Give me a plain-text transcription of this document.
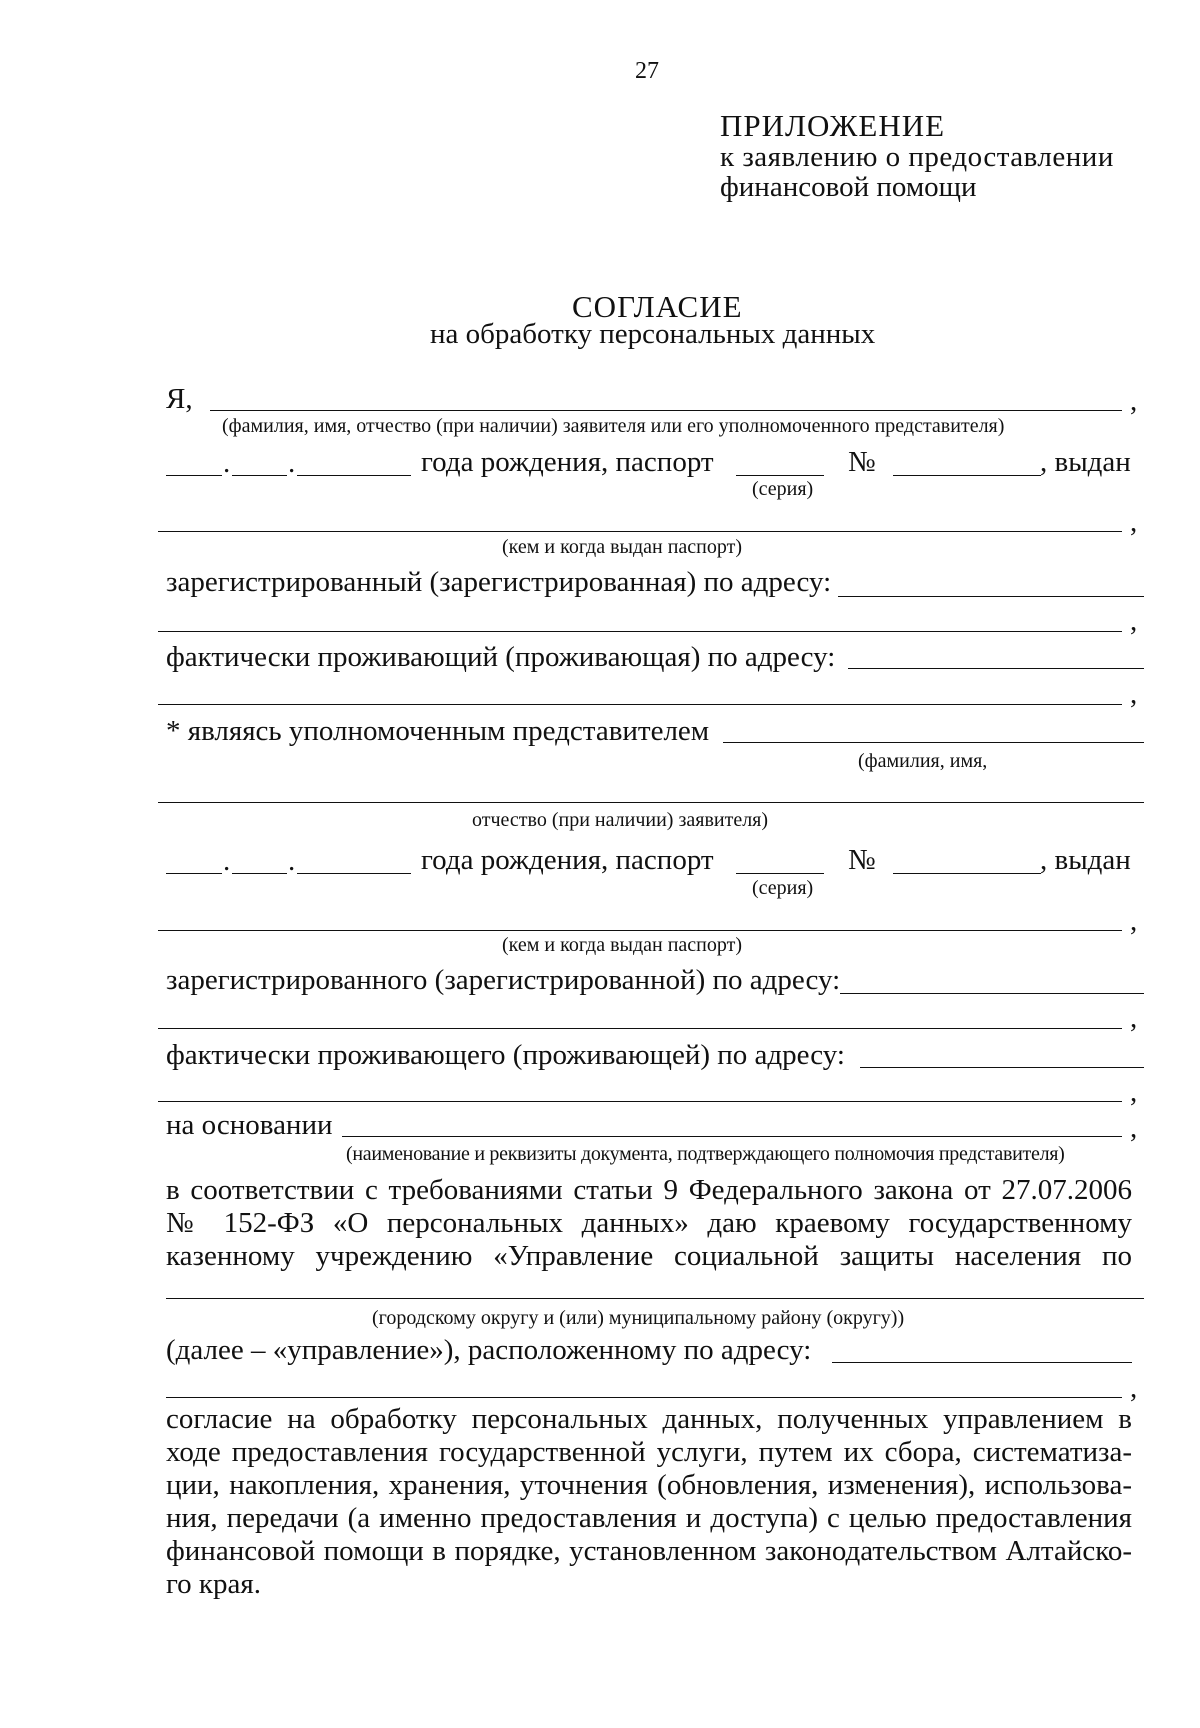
27
ПРИЛОЖЕНИЕ
к заявлению о предоставлении
финансовой помощи
СОГЛАСИЕ
на обработку персональных данных
Я,	,
(фамилия, имя, отчество (при наличии) заявителя или его уполномоченного представителя)
. .	года рождения, паспорт	№	, выдан
(серия)
,
(кем и когда выдан паспорт)
зарегистрированный (зарегистрированная) по адресу:
,
фактически проживающий (проживающая) по адресу:
,
* являясь уполномоченным представителем
(фамилия, имя,
отчество (при наличии) заявителя)
. .	года рождения, паспорт	№	, выдан
(серия)
,
(кем и когда выдан паспорт)
зарегистрированного (зарегистрированной) по адресу:
,
фактически проживающего (проживающей) по адресу:
,
на основании	,
(наименование и реквизиты документа, подтверждающего полномочия представителя)
в соответствии с требованиями статьи 9 Федерального закона от 27.07.2006
№ 152-ФЗ «О персональных данных» даю краевому государственному
казенному учреждению «Управление социальной защиты населения по
(городскому округу и (или) муниципальному району (округу))
(далее – «управление»), расположенному по адресу:
,
согласие на обработку персональных данных, полученных управлением в
ходе предоставления государственной услуги, путем их сбора, систематиза-
ции, накопления, хранения, уточнения (обновления, изменения), использова-
ния, передачи (а именно предоставления и доступа) с целью предоставления
финансовой помощи в порядке, установленном законодательством Алтайско-
го края.
